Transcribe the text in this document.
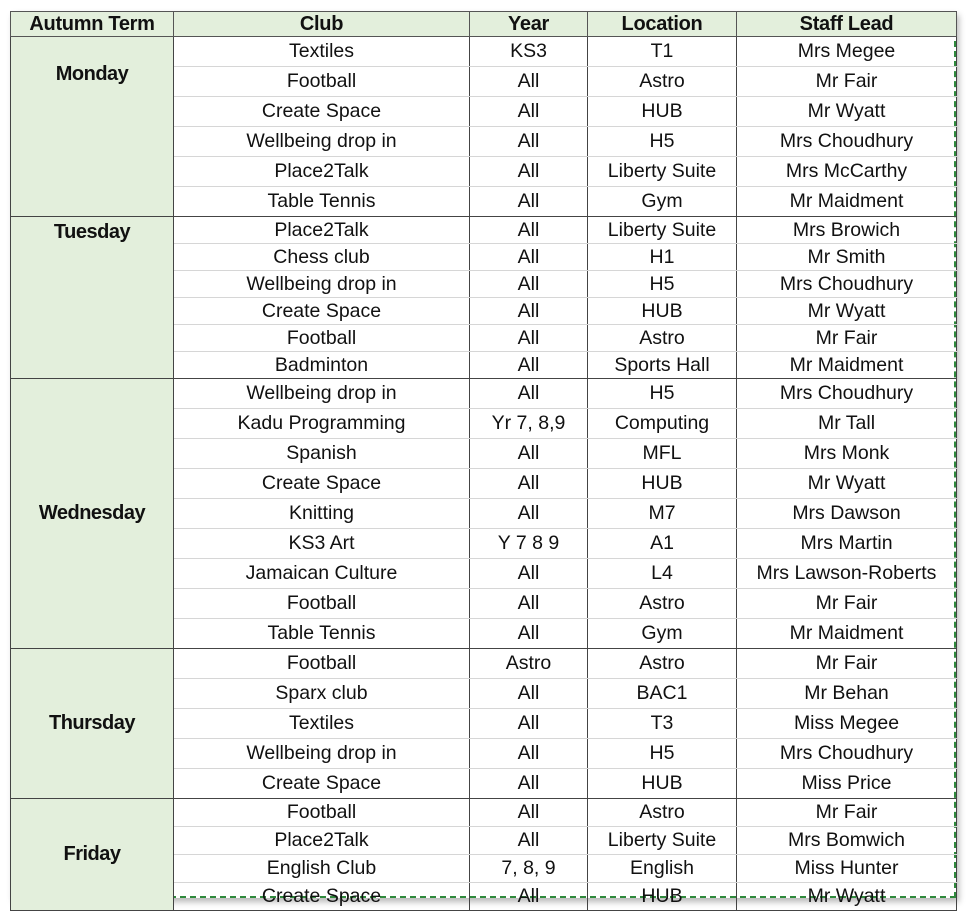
Autumn Term	Club	Year	Location	Staff Lead
Monday	Textiles	KS3	T1	Mrs Megee
	Football	All	Astro	Mr Fair
	Create Space	All	HUB	Mr Wyatt
	Wellbeing drop in	All	H5	Mrs Choudhury
	Place2Talk	All	Liberty Suite	Mrs McCarthy
	Table Tennis	All	Gym	Mr Maidment
Tuesday	Place2Talk	All	Liberty Suite	Mrs Browich
	Chess club	All	H1	Mr Smith
	Wellbeing drop in	All	H5	Mrs Choudhury
	Create Space	All	HUB	Mr Wyatt
	Football	All	Astro	Mr Fair
	Badminton	All	Sports Hall	Mr Maidment
Wednesday	Wellbeing drop in	All	H5	Mrs Choudhury
	Kadu Programming	Yr 7, 8,9	Computing	Mr Tall
	Spanish	All	MFL	Mrs Monk
	Create Space	All	HUB	Mr Wyatt
	Knitting	All	M7	Mrs Dawson
	KS3 Art	Y 7 8 9	A1	Mrs Martin
	Jamaican Culture	All	L4	Mrs Lawson-Roberts
	Football	All	Astro	Mr Fair
	Table Tennis	All	Gym	Mr Maidment
Thursday	Football	Astro	Astro	Mr Fair
	Sparx club	All	BAC1	Mr Behan
	Textiles	All	T3	Miss Megee
	Wellbeing drop in	All	H5	Mrs Choudhury
	Create Space	All	HUB	Miss Price
Friday	Football	All	Astro	Mr Fair
	Place2Talk	All	Liberty Suite	Mrs Bomwich
	English Club	7, 8, 9	English	Miss Hunter
	Create Space	All	HUB	Mr Wyatt
